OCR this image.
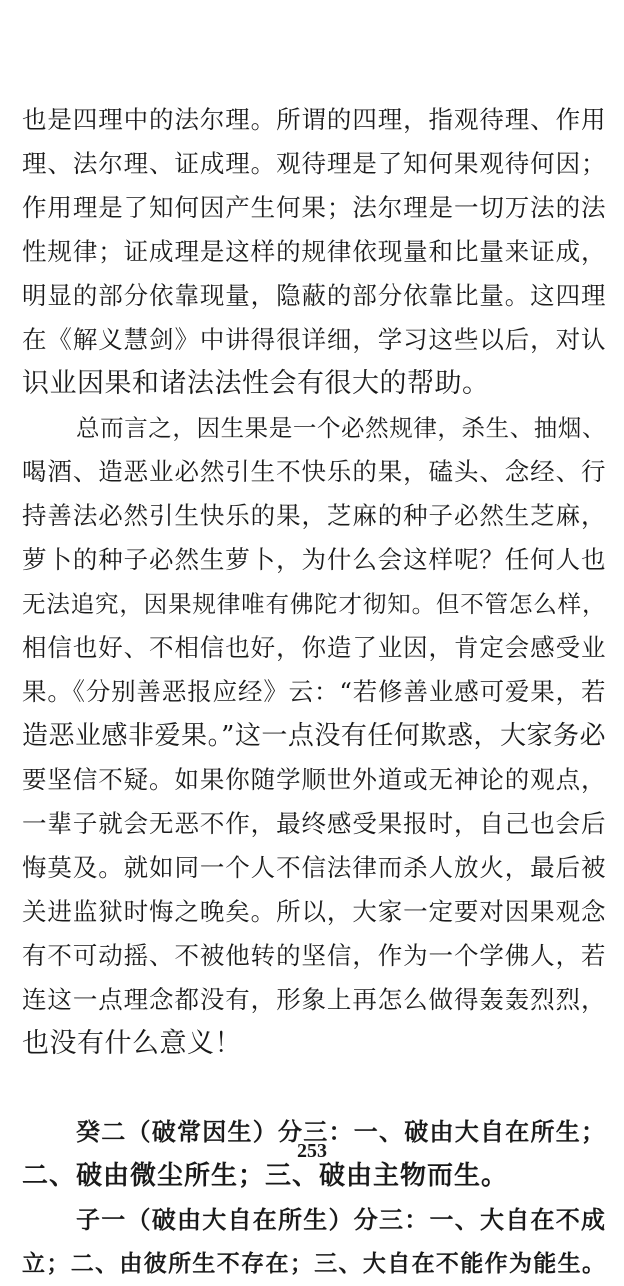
也是四理中的法尔理。所谓的四理，指观待理、作用
理、法尔理、证成理。观待理是了知何果观待何因；
作用理是了知何因产生何果；法尔理是一切万法的法
性规律；证成理是这样的规律依现量和比量来证成，
明显的部分依靠现量，隐蔽的部分依靠比量。这四理
在《解义慧剑》中讲得很详细，学习这些以后，对认
识业因果和诸法法性会有很大的帮助。
总而言之，因生果是一个必然规律，杀生、抽烟、
喝酒、造恶业必然引生不快乐的果，磕头、念经、行
持善法必然引生快乐的果，芝麻的种子必然生芝麻，
萝卜的种子必然生萝卜，为什么会这样呢？任何人也
无法追究，因果规律唯有佛陀才彻知。但不管怎么样，
相信也好、不相信也好，你造了业因，肯定会感受业
果。《分别善恶报应经》云：“若修善业感可爱果，若
造恶业感非爱果。”这一点没有任何欺惑，大家务必
要坚信不疑。如果你随学顺世外道或无神论的观点，
一辈子就会无恶不作，最终感受果报时，自己也会后
悔莫及。就如同一个人不信法律而杀人放火，最后被
关进监狱时悔之晚矣。所以，大家一定要对因果观念
有不可动摇、不被他转的坚信，作为一个学佛人，若
连这一点理念都没有，形象上再怎么做得轰轰烈烈，
也没有什么意义！
癸二（破常因生）分三：一、破由大自在所生；
二、破由微尘所生；三、破由主物而生。
子一（破由大自在所生）分三：一、大自在不成
立；二、由彼所生不存在；三、大自在不能作为能生。
253
